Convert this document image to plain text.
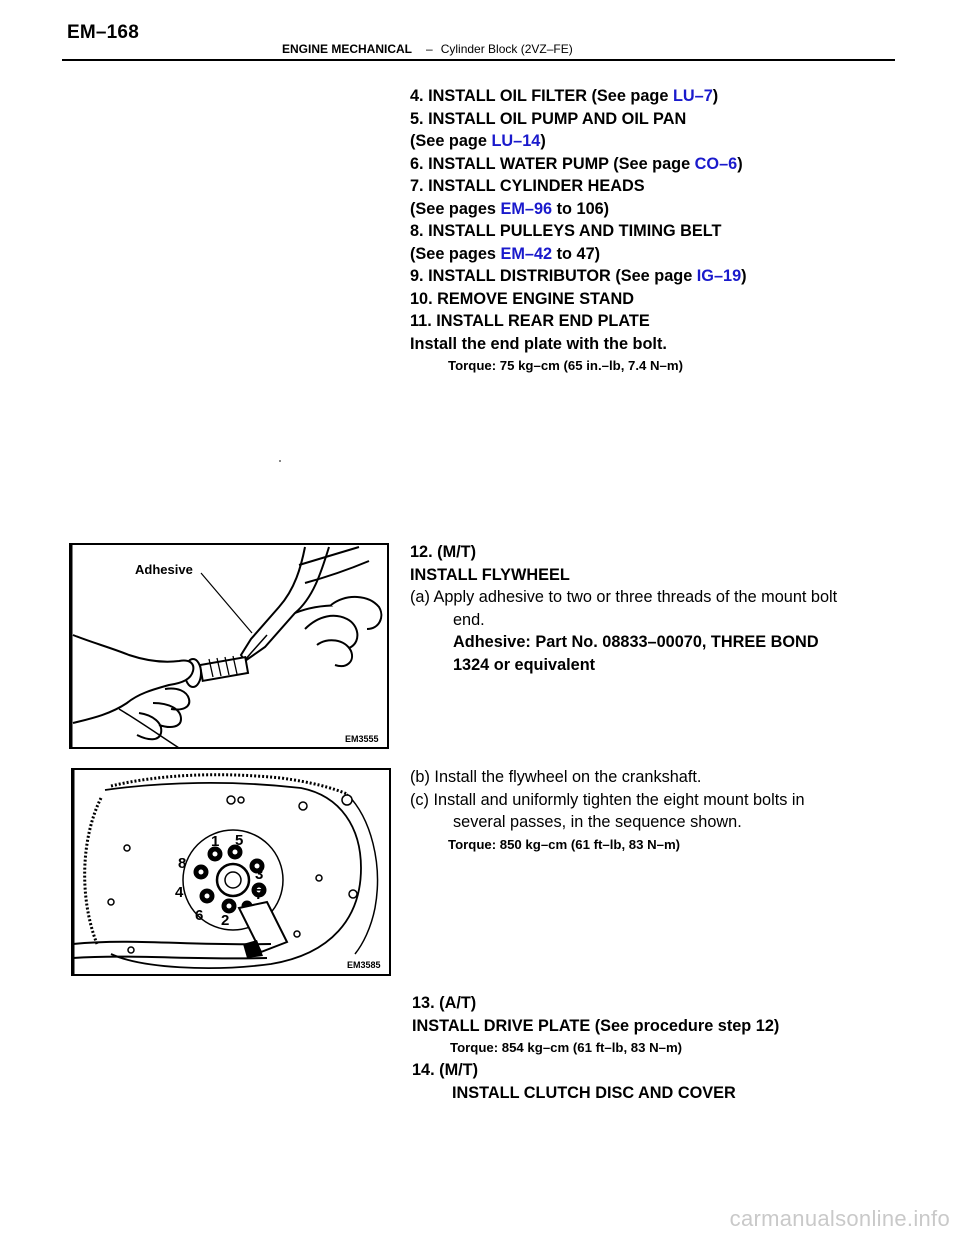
EM–168
ENGINE MECHANICAL – Cylinder Block (2VZ–FE)
4. INSTALL OIL FILTER (See page LU–7)
5. INSTALL OIL PUMP AND OIL PAN
(See page LU–14)
6. INSTALL WATER PUMP (See page CO–6)
7. INSTALL CYLINDER HEADS
(See pages EM–96 to 106)
8. INSTALL PULLEYS AND TIMING BELT
(See pages EM–42 to 47)
9. INSTALL DISTRIBUTOR (See page IG–19)
10. REMOVE ENGINE STAND
11. INSTALL REAR END PLATE
Install the end plate with the bolt.
Torque: 75 kg–cm (65 in.–lb, 7.4 N–m)
Adhesive
EM3555
12. (M/T)
INSTALL FLYWHEEL
(a) Apply adhesive to two or three threads of the mount bolt
end.
Adhesive: Part No. 08833–00070, THREE BOND
1324 or equivalent
1 5
8
3
4	7
6 2
EM3585
(b) Install the flywheel on the crankshaft.
(c) Install and uniformly tighten the eight mount bolts in
several passes, in the sequence shown.
Torque: 850 kg–cm (61 ft–lb, 83 N–m)
13. (A/T)
INSTALL DRIVE PLATE (See procedure step 12)
Torque: 854 kg–cm (61 ft–lb, 83 N–m)
14. (M/T)
INSTALL CLUTCH DISC AND COVER
carmanualsonline.info
